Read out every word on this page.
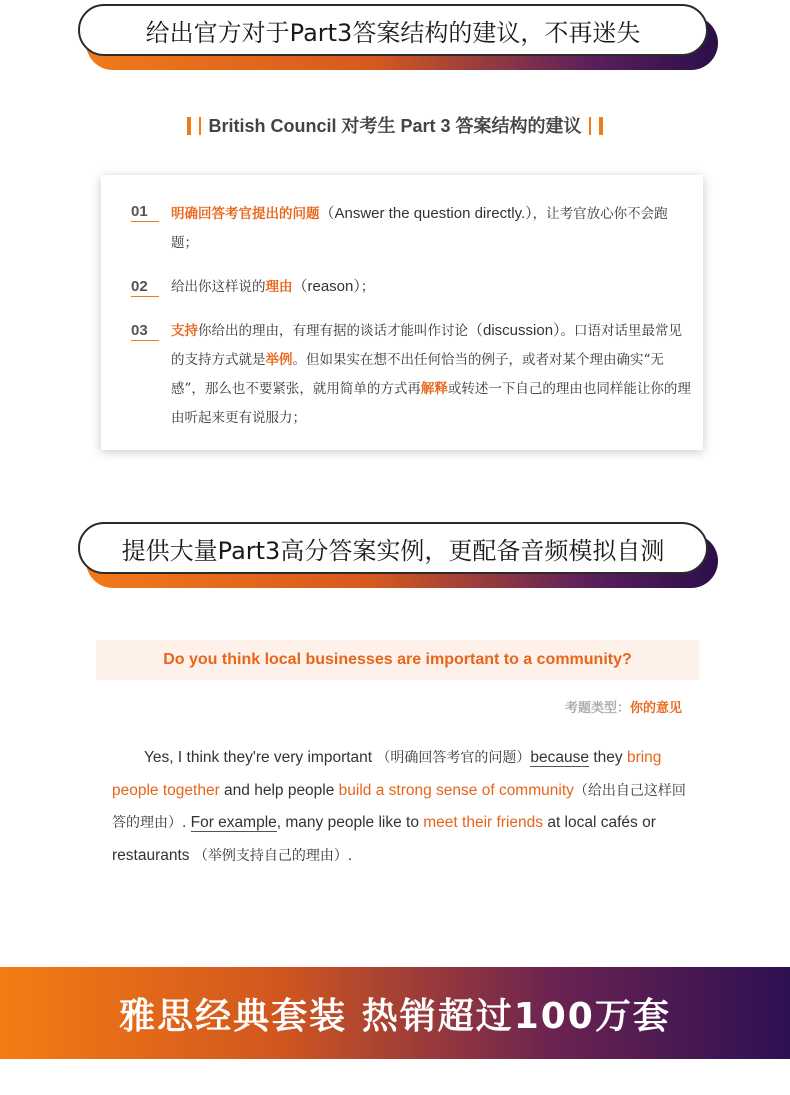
给出官方对于Part3答案结构的建议，不再迷失
British Council 对考生 Part 3 答案结构的建议
01	明确回答考官提出的问题（Answer the question directly.），让考官放心你不会跑题；
02	给出你这样说的理由（reason）；
03	支持你给出的理由，有理有据的谈话才能叫作讨论（discussion）。口语对话里最常见的支持方式就是举例。但如果实在想不出任何恰当的例子，或者对某个理由确实“无感”，那么也不要紧张，就用简单的方式再解释或转述一下自己的理由也同样能让你的理由听起来更有说服力；
提供大量Part3高分答案实例，更配备音频模拟自测
Do you think local businesses are important to a community?
考题类型：你的意见
Yes, I think they're very important （明确回答考官的问题）because they bring people together and help people build a strong sense of community（给出自己这样回答的理由）. For example, many people like to meet their friends at local cafés or restaurants （举例支持自己的理由）.
雅思经典套装 热销超过100万套
